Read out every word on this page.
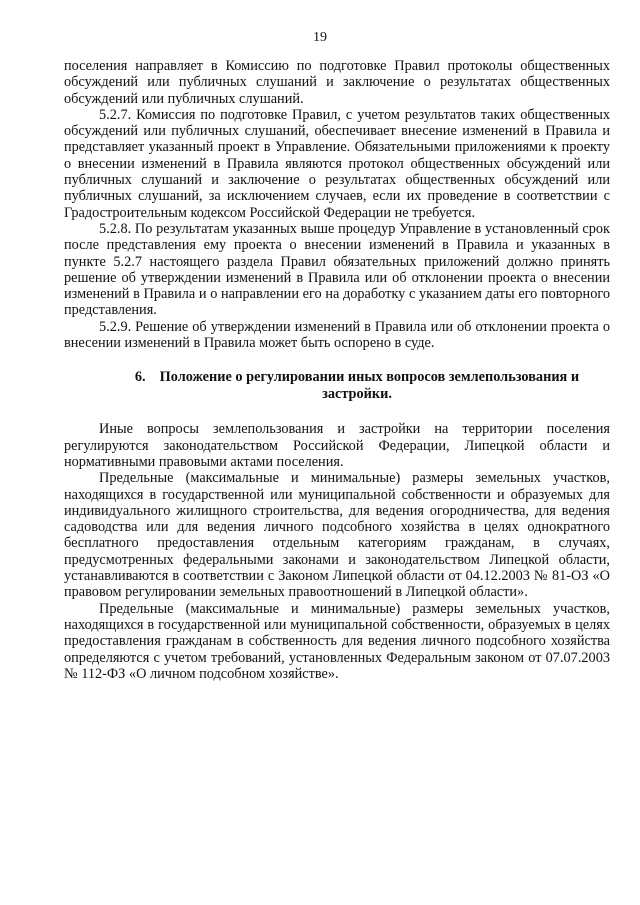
19

поселения направляет в Комиссию по подготовке Правил протоколы общественных обсуждений или публичных слушаний и заключение о результатах общественных обсуждений или публичных слушаний.

5.2.7. Комиссия по подготовке Правил, с учетом результатов таких общественных обсуждений или публичных слушаний, обеспечивает внесение изменений в Правила и представляет указанный проект в Управление. Обязательными приложениями к проекту о внесении изменений в Правила являются протокол общественных обсуждений или публичных слушаний и заключение о результатах общественных обсуждений или публичных слушаний, за исключением случаев, если их проведение в соответствии с Градостроительным кодексом Российской Федерации не требуется.

5.2.8. По результатам указанных выше процедур Управление в установленный срок после представления ему проекта о внесении изменений в Правила и указанных в пункте 5.2.7 настоящего раздела Правил обязательных приложений должно принять решение об утверждении изменений в Правила или об отклонении проекта о внесении изменений в Правила и о направлении его на доработку с указанием даты его повторного представления.

5.2.9. Решение об утверждении изменений в Правила или об отклонении проекта о внесении изменений в Правила может быть оспорено в суде.

6. Положение о регулировании иных вопросов землепользования и застройки.

Иные вопросы землепользования и застройки на территории поселения регулируются законодательством Российской Федерации, Липецкой области и нормативными правовыми актами поселения.

Предельные (максимальные и минимальные) размеры земельных участков, находящихся в государственной или муниципальной собственности и образуемых для индивидуального жилищного строительства, для ведения огородничества, для ведения садоводства или для ведения личного подсобного хозяйства в целях однократного бесплатного предоставления отдельным категориям гражданам, в случаях, предусмотренных федеральными законами и законодательством Липецкой области, устанавливаются в соответствии с Законом Липецкой области от 04.12.2003 № 81-ОЗ «О правовом регулировании земельных правоотношений в Липецкой области».

Предельные (максимальные и минимальные) размеры земельных участков, находящихся в государственной или муниципальной собственности, образуемых в целях предоставления гражданам в собственность для ведения личного подсобного хозяйства определяются с учетом требований, установленных Федеральным законом от 07.07.2003 № 112-ФЗ «О личном подсобном хозяйстве».
